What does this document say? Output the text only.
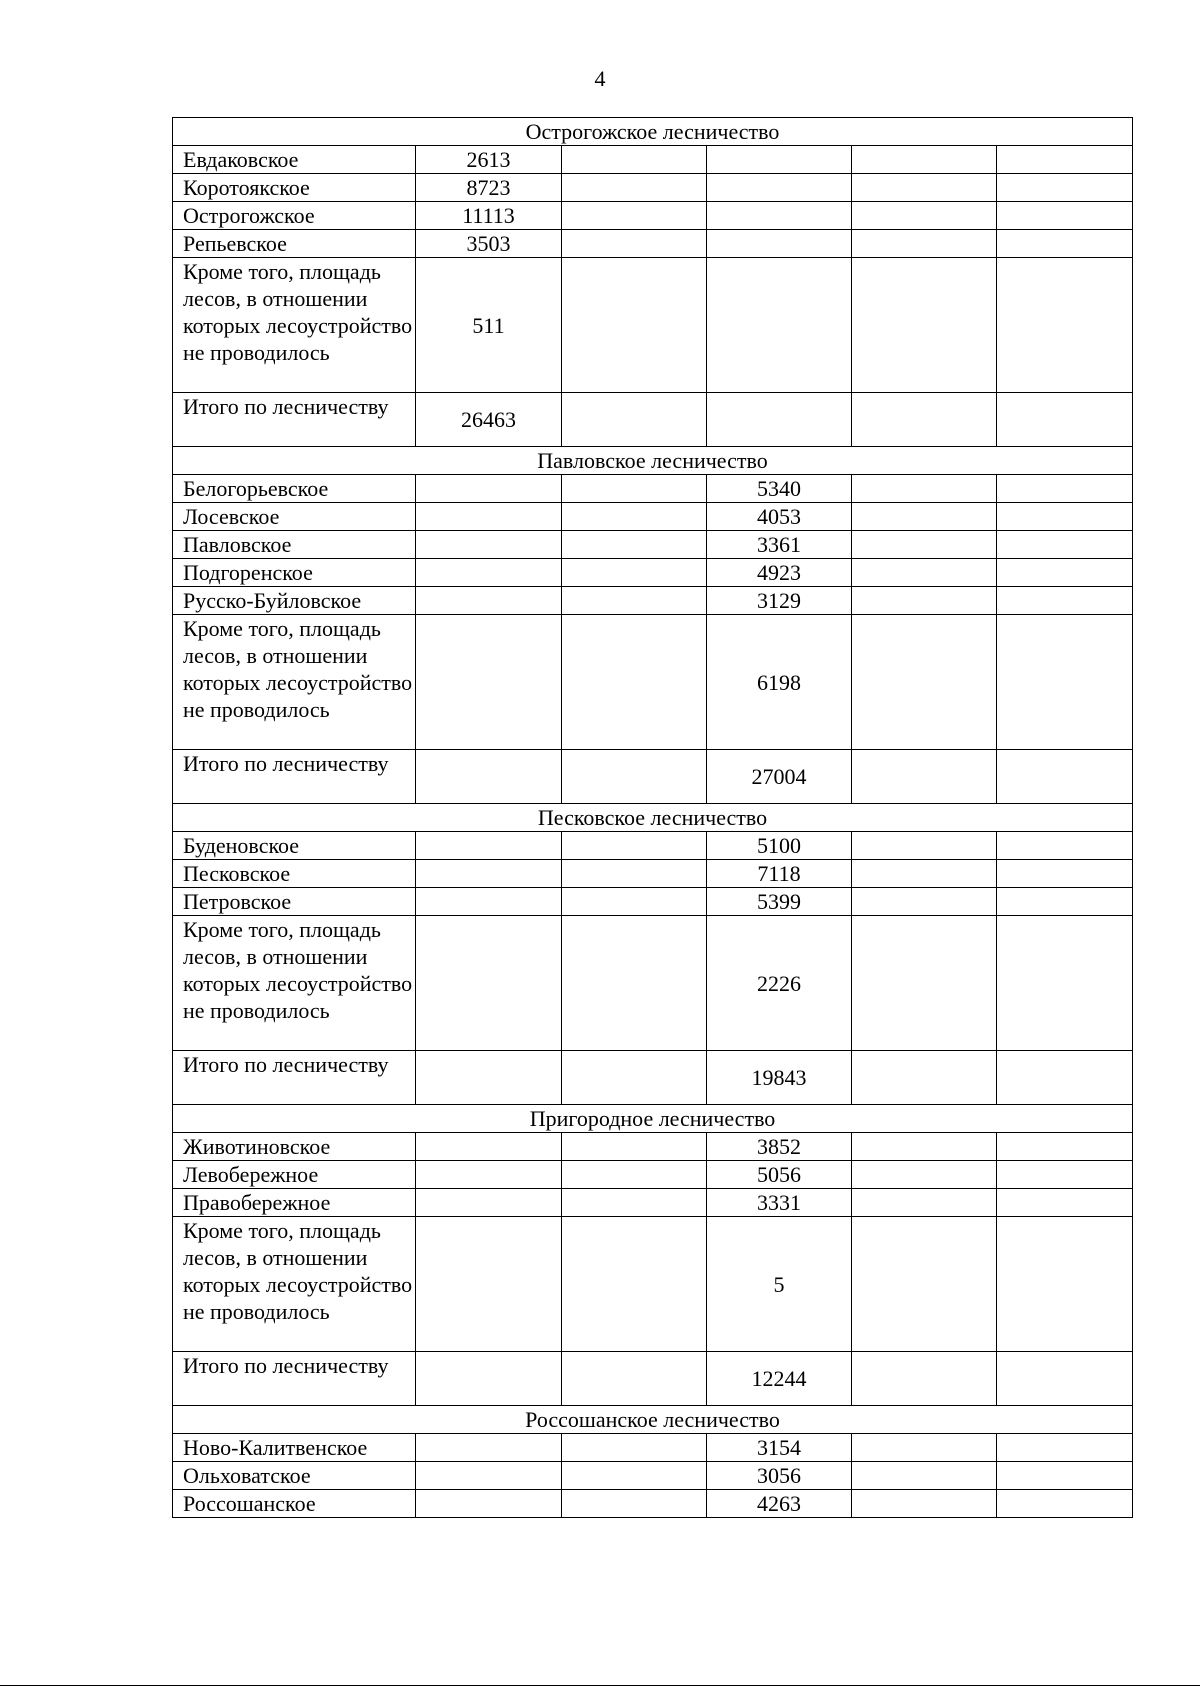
4
Острогожское лесничество					
Евдаковское	2613				
Коротоякское	8723				
Острогожское	11113				
Репьевское	3503				
Кроме того, площадь лесов, в отношении которых лесоустройство не проводилось	511				
Итого по лесничеству	26463				
Павловское лесничество					
Белогорьевское			5340		
Лосевское			4053		
Павловское			3361		
Подгоренское			4923		
Русско-Буйловское			3129		
Кроме того, площадь лесов, в отношении которых лесоустройство не проводилось			6198		
Итого по лесничеству			27004		
Песковское лесничество					
Буденовское			5100		
Песковское			7118		
Петровское			5399		
Кроме того, площадь лесов, в отношении которых лесоустройство не проводилось			2226		
Итого по лесничеству			19843		
Пригородное лесничество					
Животиновское			3852		
Левобережное			5056		
Правобережное			3331		
Кроме того, площадь лесов, в отношении которых лесоустройство не проводилось			5		
Итого по лесничеству			12244		
Россошанское лесничество					
Ново-Калитвенское			3154		
Ольховатское			3056		
Россошанское			4263		
